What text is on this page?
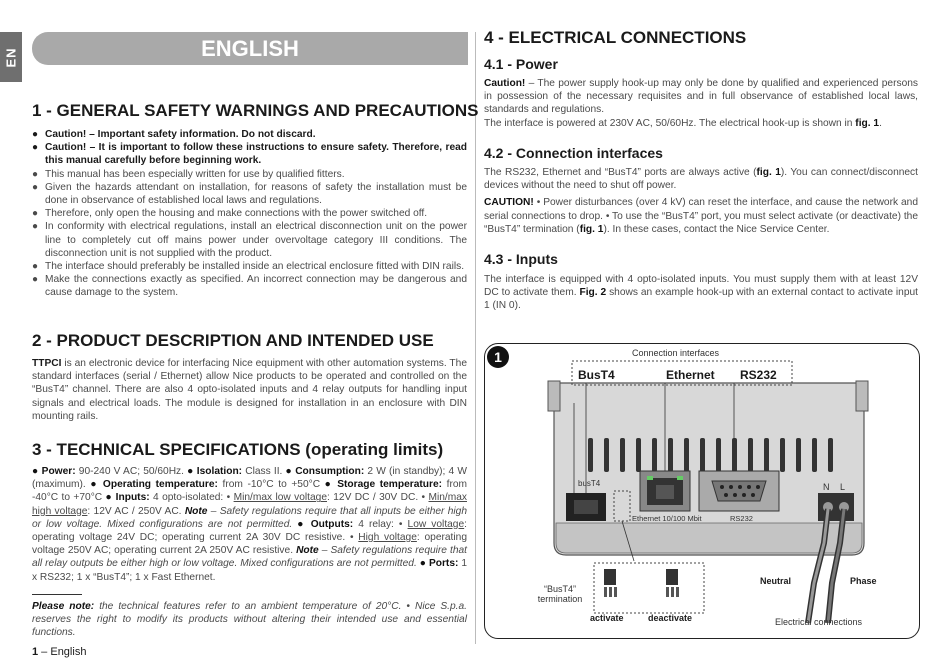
EN	ENGLISH
1 - GENERAL SAFETY WARNINGS AND PRECAUTIONS

● Caution! – Important safety information. Do not discard.

● Caution! – It is important to follow these instructions to ensure safety. Therefore, read this manual carefully before beginning work.

● This manual has been especially written for use by qualified fitters.

● Given the hazards attendant on installation, for reasons of safety the installation must be done in observance of established local laws and regulations.

● Therefore, only open the housing and make connections with the power switched off.

● In conformity with electrical regulations, install an electrical disconnection unit on the power line to completely cut off mains power under overvoltage category III conditions. The disconnection unit is not supplied with the product.

● The interface should preferably be installed inside an electrical enclosure fitted with DIN rails.

● Make the connections exactly as specified. An incorrect connection may be dangerous and cause damage to the system.

2 - PRODUCT DESCRIPTION AND INTENDED USE

TTPCI is an electronic device for interfacing Nice equipment with other automation systems. The standard interfaces (serial / Ethernet) allow Nice products to be operated and controlled on the “BusT4” channel. There are also 4 opto-isolated inputs and 4 relay outputs for handling input signals and electrical loads. The module is designed for installation in an enclosure with DIN mounting rails.

3 - TECHNICAL SPECIFICATIONS (operating limits)

● Power: 90-240 V AC; 50/60Hz. ● Isolation: Class II. ● Consumption: 2 W (in standby); 4 W (maximum). ● Operating temperature: from -10°C to +50°C ● Storage temperature: from -40°C to +70°C ● Inputs: 4 opto-isolated: • Min/max low voltage: 12V DC / 30V DC. • Min/max high voltage: 12V AC / 250V AC. Note – Safety regulations require that all inputs be either high or low voltage. Mixed configurations are not permitted. ● Outputs: 4 relay: • Low voltage: operating voltage 24V DC; operating current 2A 30V DC resistive. • High voltage: operating voltage 250V AC; operating current 2A 250V AC resistive. Note – Safety regulations require that all relay outputs be either high or low voltage. Mixed configurations are not permitted. ● Ports: 1 x RS232; 1 x “BusT4”; 1 x Fast Ethernet.

Please note: the technical features refer to an ambient temperature of 20°C. • Nice S.p.a. reserves the right to modify its products without altering their intended use and essential functions.

1 – English
4 - ELECTRICAL CONNECTIONS
4.1 - Power

Caution! – The power supply hook-up may only be done by qualified and experienced persons in possession of the necessary requisites and in full observance of established local laws, standards and regulations.

The interface is powered at 230V AC, 50/60Hz. The electrical hook-up is shown in fig. 1.

4.2 - Connection interfaces

The RS232, Ethernet and “BusT4” ports are always active (fig. 1). You can connect/disconnect devices without the need to shut off power.

CAUTION! • Power disturbances (over 4 kV) can reset the interface, and cause the network and serial connections to drop. • To use the “BusT4” port, you must select activate (or deactivate) the “BusT4” termination (fig. 1). In these cases, contact the Nice Service Center.

4.3 - Inputs

The interface is equipped with 4 opto-isolated inputs. You must supply them with at least 12V DC to activate them. Fig. 2 shows an example hook-up with an external contact to activate input 1 (IN 0).

1	Connection interfaces
BusT4	Ethernet RS232
busT4
Ethernet 10/100 Mbit	RS232
N L
Neutral	Phase
“BusT4”
termination
activate	deactivate	Electrical connections
